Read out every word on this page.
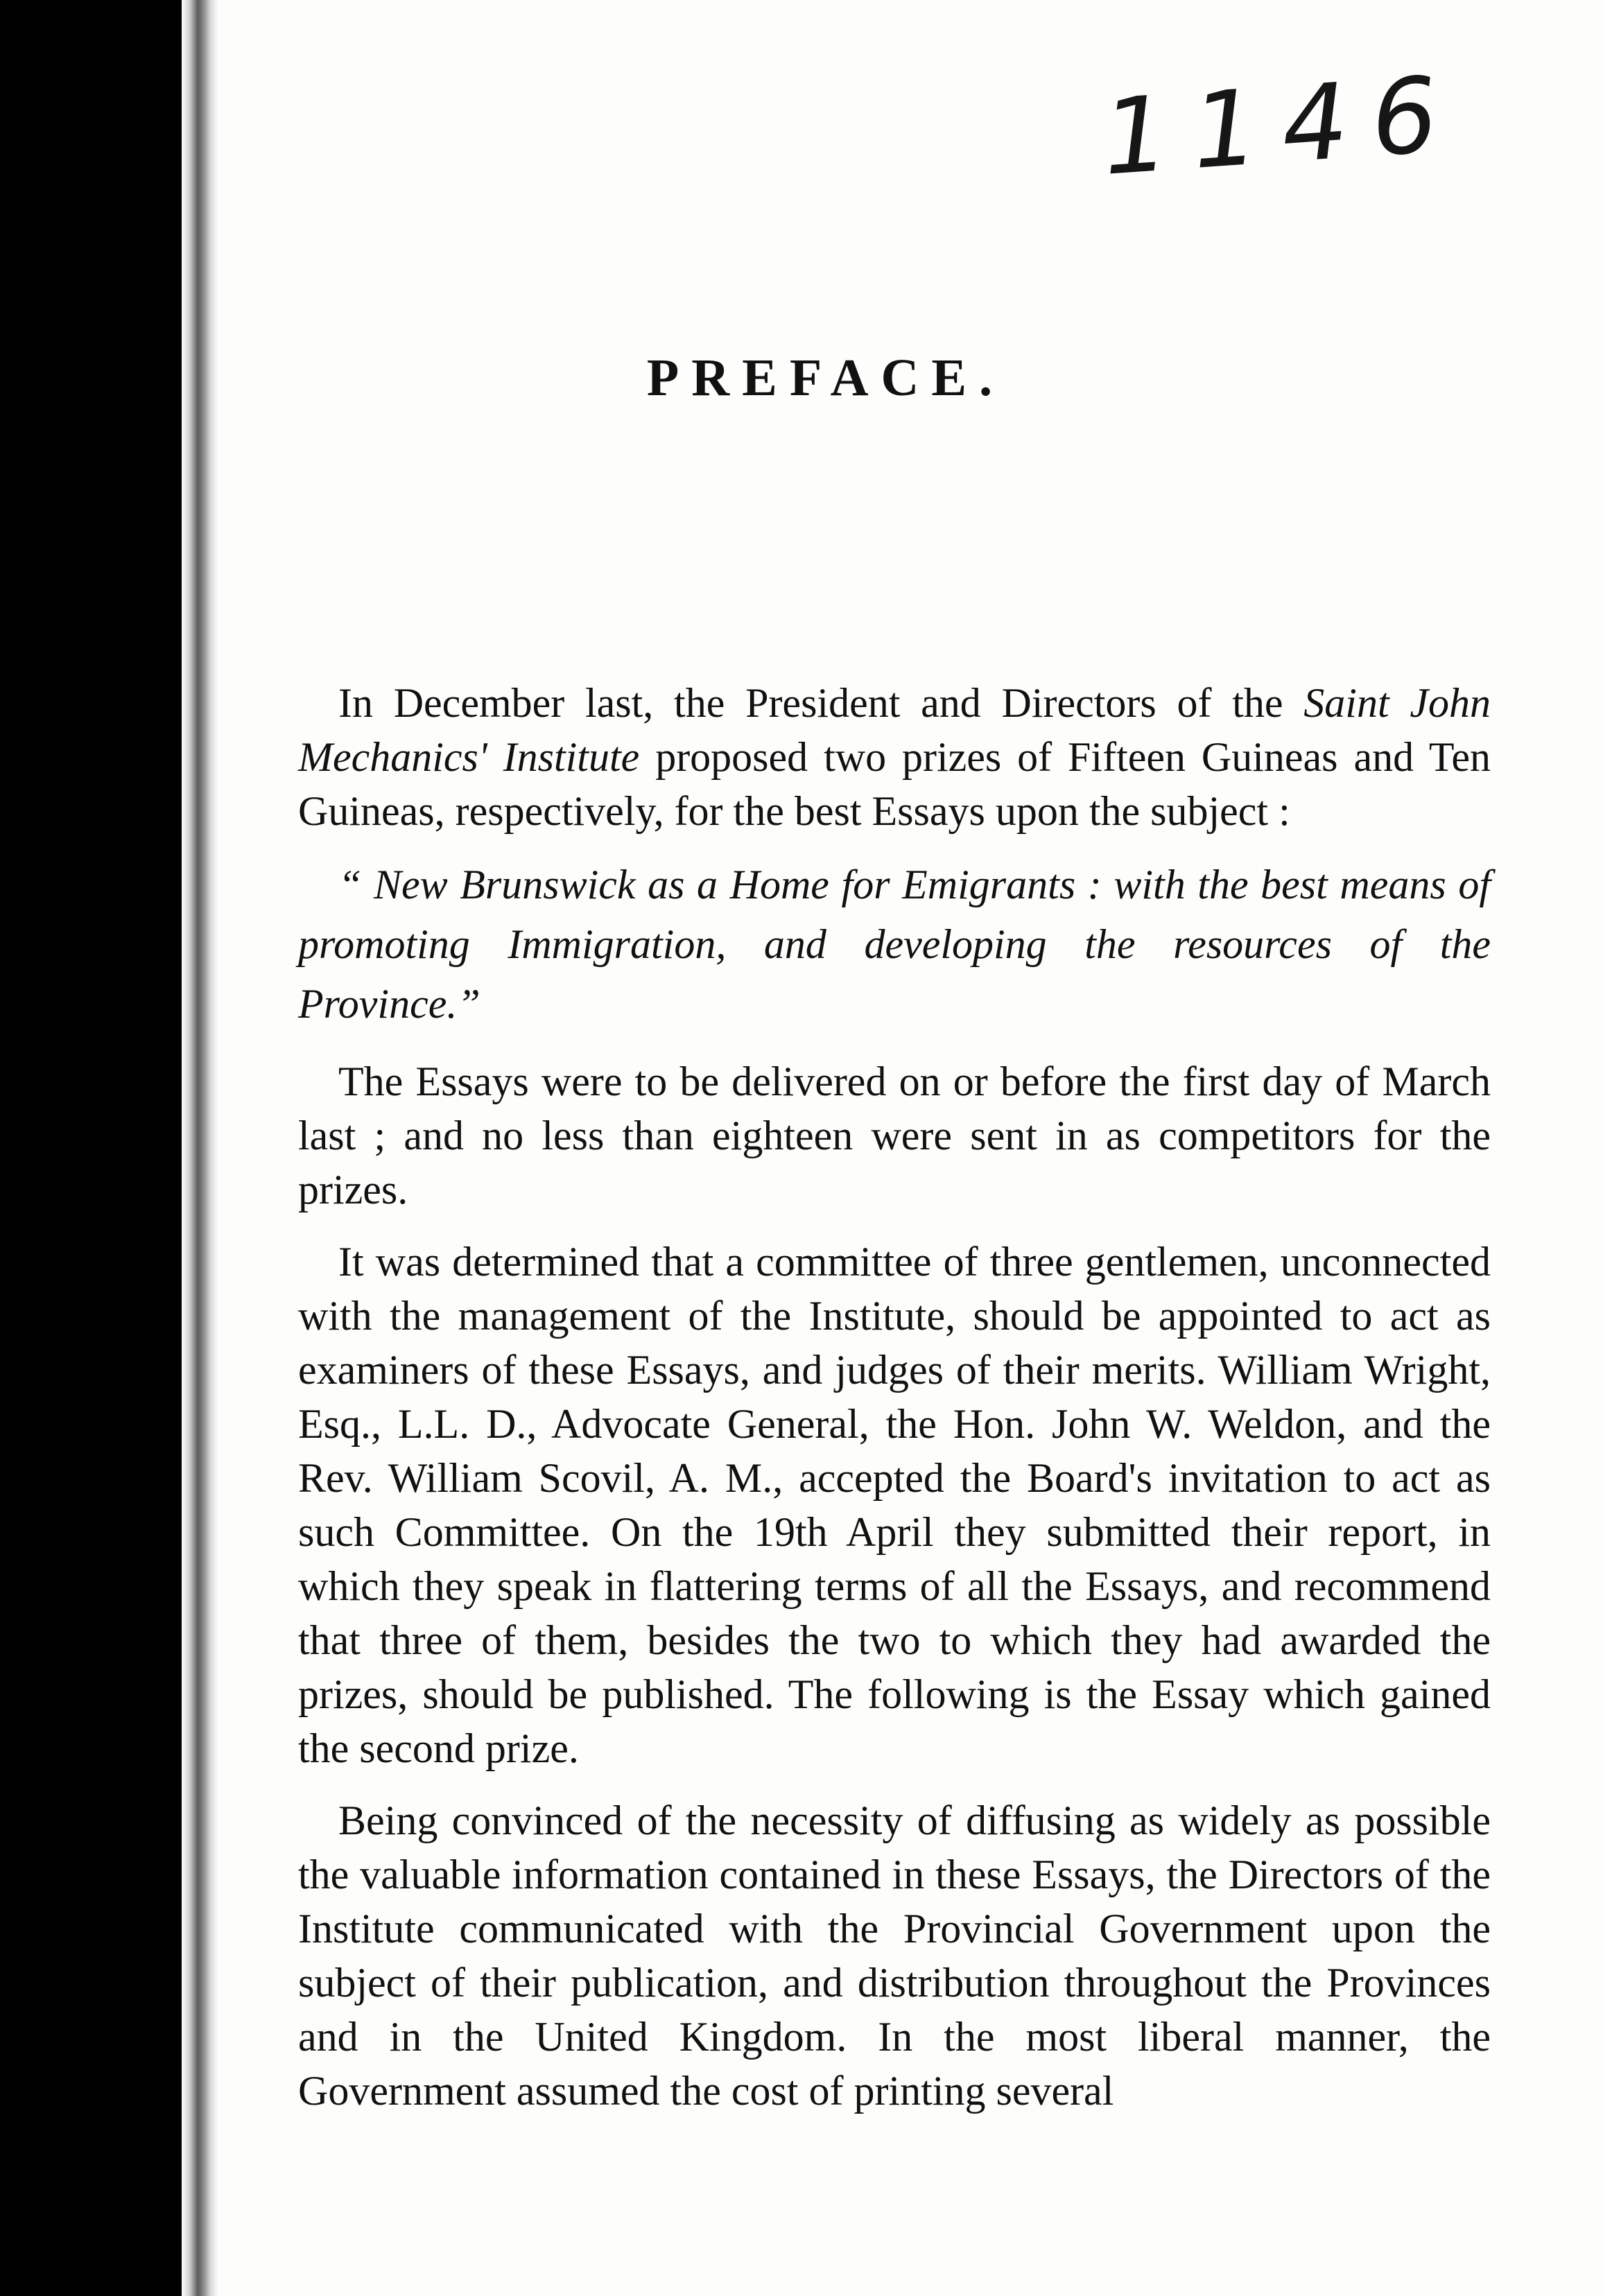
1146
PREFACE.

In December last, the President and Directors of the Saint John Mechanics' Institute proposed two prizes of Fifteen Guineas and Ten Guineas, respectively, for the best Essays upon the subject :

“ New Brunswick as a Home for Emigrants : with the best means of promoting Immigration, and developing the resources of the Province.”

The Essays were to be delivered on or before the first day of March last ; and no less than eighteen were sent in as competitors for the prizes.

It was determined that a committee of three gentlemen, unconnected with the management of the Institute, should be appointed to act as examiners of these Essays, and judges of their merits. William Wright, Esq., L.L. D., Advocate General, the Hon. John W. Weldon, and the Rev. William Scovil, A. M., accepted the Board's invitation to act as such Committee. On the 19th April they submitted their report, in which they speak in flattering terms of all the Essays, and recommend that three of them, besides the two to which they had awarded the prizes, should be published. The following is the Essay which gained the second prize.

Being convinced of the necessity of diffusing as widely as possible the valuable information contained in these Essays, the Directors of the Institute communicated with the Provincial Government upon the subject of their publication, and distribution throughout the Provinces and in the United Kingdom. In the most liberal manner, the Government assumed the cost of printing several
